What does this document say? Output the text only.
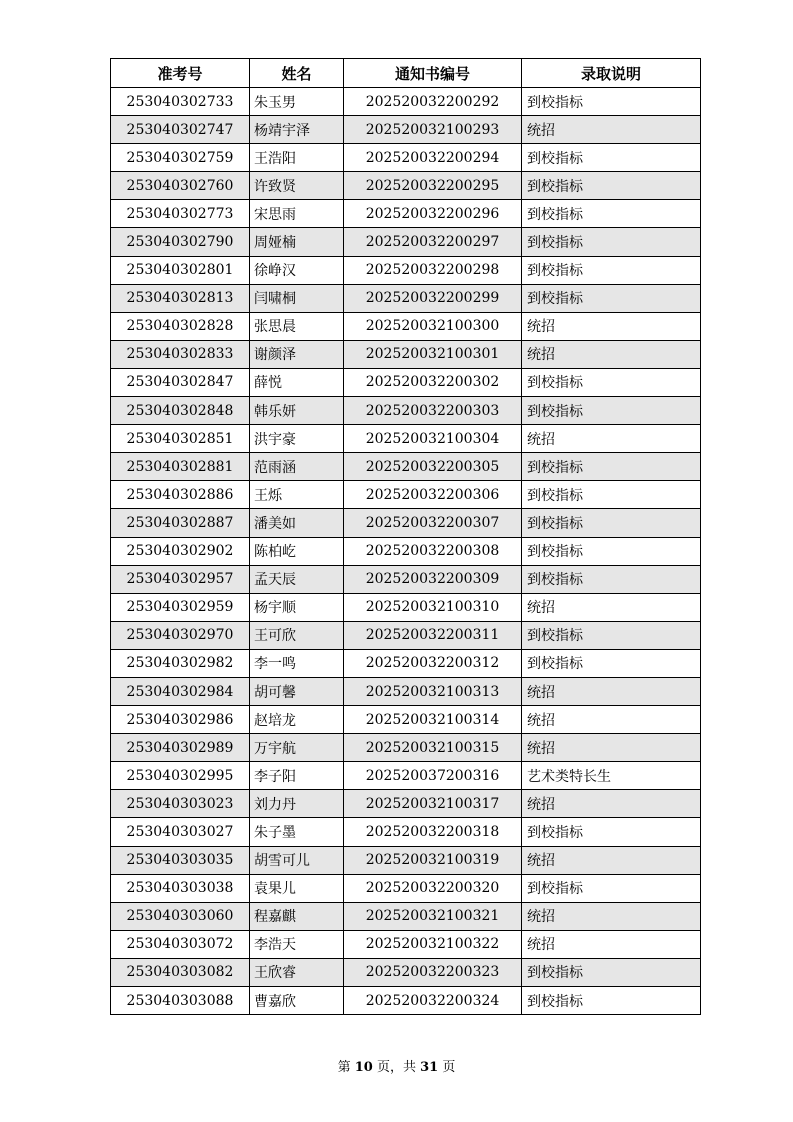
准考号	姓名	通知书编号	录取说明
253040302733	朱玉男	202520032200292	到校指标
253040302747	杨靖宇泽	202520032100293	统招
253040302759	王浩阳	202520032200294	到校指标
253040302760	许致贤	202520032200295	到校指标
253040302773	宋思雨	202520032200296	到校指标
253040302790	周娅楠	202520032200297	到校指标
253040302801	徐峥汉	202520032200298	到校指标
253040302813	闫啸桐	202520032200299	到校指标
253040302828	张思晨	202520032100300	统招
253040302833	谢颜泽	202520032100301	统招
253040302847	薛悦	202520032200302	到校指标
253040302848	韩乐妍	202520032200303	到校指标
253040302851	洪宇豪	202520032100304	统招
253040302881	范雨涵	202520032200305	到校指标
253040302886	王烁	202520032200306	到校指标
253040302887	潘美如	202520032200307	到校指标
253040302902	陈柏屹	202520032200308	到校指标
253040302957	孟天辰	202520032200309	到校指标
253040302959	杨宇顺	202520032100310	统招
253040302970	王可欣	202520032200311	到校指标
253040302982	李一鸣	202520032200312	到校指标
253040302984	胡可馨	202520032100313	统招
253040302986	赵培龙	202520032100314	统招
253040302989	万宇航	202520032100315	统招
253040302995	李子阳	202520037200316	艺术类特长生
253040303023	刘力丹	202520032100317	统招
253040303027	朱子墨	202520032200318	到校指标
253040303035	胡雪可儿	202520032100319	统招
253040303038	袁果儿	202520032200320	到校指标
253040303060	程嘉麒	202520032100321	统招
253040303072	李浩天	202520032100322	统招
253040303082	王欣睿	202520032200323	到校指标
253040303088	曹嘉欣	202520032200324	到校指标
第 10 页，共 31 页
